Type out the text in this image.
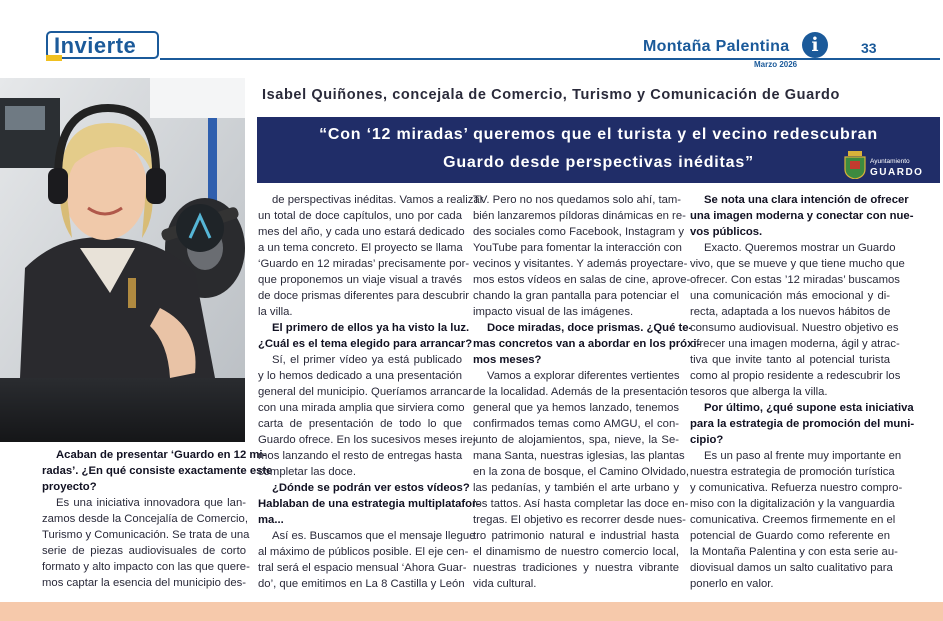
Invierte	Montaña Palentina
Marzo 2026
i	33
Isabel Quiñones, concejala de Comercio, Turismo y Comunicación de Guardo
“Con ‘12 miradas’ queremos que el turista y el vecino redescubran
Guardo desde perspectivas inéditas”	Ayuntamiento
GUARDO
Acaban de presentar ‘Guardo en 12 mi-
radas’. ¿En qué consiste exactamente este
proyecto?
Es una iniciativa innovadora que lan-
zamos desde la Concejalía de Comercio,
Turismo y Comunicación. Se trata de una
serie de piezas audiovisuales de corto
formato y alto impacto con las que quere-
mos captar la esencia del municipio des-
de perspectivas inéditas. Vamos a realizar
un total de doce capítulos, uno por cada
mes del año, y cada uno estará dedicado
a un tema concreto. El proyecto se llama
‘Guardo en 12 miradas’ precisamente por-
que proponemos un viaje visual a través
de doce prismas diferentes para descubrir
la villa.
El primero de ellos ya ha visto la luz.
¿Cuál es el tema elegido para arrancar?
Sí, el primer vídeo ya está publicado
y lo hemos dedicado a una presentación
general del municipio. Queríamos arrancar
con una mirada amplia que sirviera como
carta de presentación de todo lo que
Guardo ofrece. En los sucesivos meses ire-
mos lanzando el resto de entregas hasta
completar las doce.
¿Dónde se podrán ver estos vídeos?
Hablaban de una estrategia multiplatafor-
ma...
Así es. Buscamos que el mensaje llegue
al máximo de públicos posible. El eje cen-
tral será el espacio mensual ‘Ahora Guar-
do’, que emitimos en La 8 Castilla y León
TV. Pero no nos quedamos solo ahí, tam-
bién lanzaremos píldoras dinámicas en re-
des sociales como Facebook, Instagram y
YouTube para fomentar la interacción con
vecinos y visitantes. Y además proyectare-
mos estos vídeos en salas de cine, aprove-
chando la gran pantalla para potenciar el
impacto visual de las imágenes.
Doce miradas, doce prismas. ¿Qué te-
mas concretos van a abordar en los próxi-
mos meses?
Vamos a explorar diferentes vertientes
de la localidad. Además de la presentación
general que ya hemos lanzado, tenemos
confirmados temas como AMGU, el con-
junto de alojamientos, spa, nieve, la Se-
mana Santa, nuestras iglesias, las plantas
en la zona de bosque, el Camino Olvidado,
las pedanías, y también el arte urbano y
los tattos. Así hasta completar las doce en-
tregas. El objetivo es recorrer desde nues-
tro patrimonio natural e industrial hasta
el dinamismo de nuestro comercio local,
nuestras tradiciones y nuestra vibrante
vida cultural.
Se nota una clara intención de ofrecer
una imagen moderna y conectar con nue-
vos públicos.
Exacto. Queremos mostrar un Guardo
vivo, que se mueve y que tiene mucho que
ofrecer. Con estas ’12 miradas’ buscamos
una comunicación más emocional y di-
recta, adaptada a los nuevos hábitos de
consumo audiovisual. Nuestro objetivo es
ofrecer una imagen moderna, ágil y atrac-
tiva que invite tanto al potencial turista
como al propio residente a redescubrir los
tesoros que alberga la villa.
Por último, ¿qué supone esta iniciativa
para la estrategia de promoción del muni-
cipio?
Es un paso al frente muy importante en
nuestra estrategia de promoción turística
y comunicativa. Refuerza nuestro compro-
miso con la digitalización y la vanguardia
comunicativa. Creemos firmemente en el
potencial de Guardo como referente en
la Montaña Palentina y con esta serie au-
diovisual damos un salto cualitativo para
ponerlo en valor.
